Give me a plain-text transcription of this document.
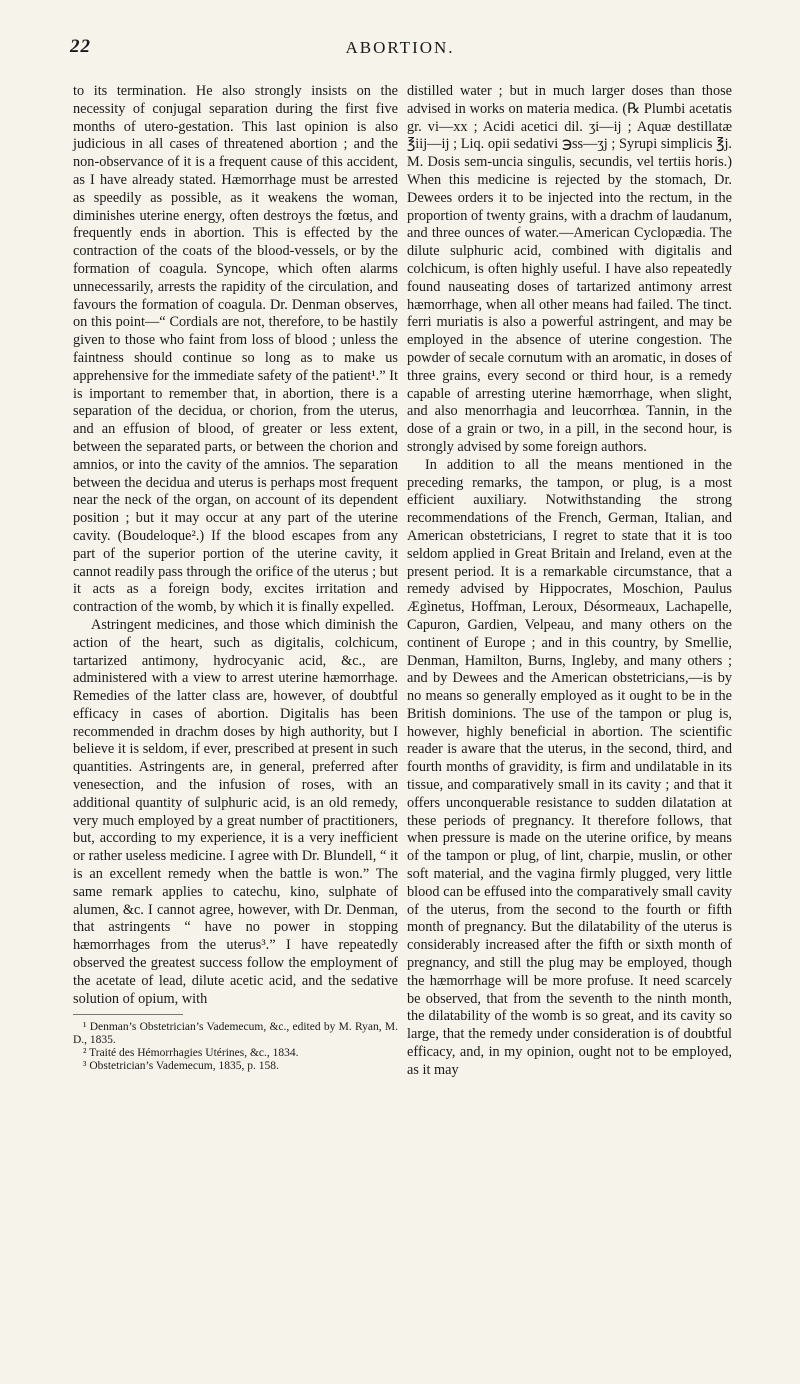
22	ABORTION.

to its termination. He also strongly insists on the necessity of conjugal separation during the first five months of utero-gestation. This last opinion is also judicious in all cases of threatened abortion ; and the non-observance of it is a frequent cause of this accident, as I have already stated. Hæmorrhage must be arrested as speedily as possible, as it weakens the woman, diminishes uterine energy, often destroys the fœtus, and frequently ends in abortion. This is effected by the contraction of the coats of the blood-vessels, or by the formation of coagula. Syncope, which often alarms unnecessarily, arrests the rapidity of the circulation, and favours the formation of coagula. Dr. Denman observes, on this point—“ Cordials are not, therefore, to be hastily given to those who faint from loss of blood ; unless the faintness should continue so long as to make us apprehensive for the immediate safety of the patient¹.” It is important to remember that, in abortion, there is a separation of the decidua, or chorion, from the uterus, and an effusion of blood, of greater or less extent, between the separated parts, or between the chorion and amnios, or into the cavity of the amnios. The separation between the decidua and uterus is perhaps most frequent near the neck of the organ, on account of its dependent position ; but it may occur at any part of the uterine cavity. (Boudeloque².) If the blood escapes from any part of the superior portion of the uterine cavity, it cannot readily pass through the orifice of the uterus ; but it acts as a foreign body, excites irritation and contraction of the womb, by which it is finally expelled.

Astringent medicines, and those which diminish the action of the heart, such as digitalis, colchicum, tartarized antimony, hydrocyanic acid, &c., are administered with a view to arrest uterine hæmorrhage. Remedies of the latter class are, however, of doubtful efficacy in cases of abortion. Digitalis has been recommended in drachm doses by high authority, but I believe it is seldom, if ever, prescribed at present in such quantities. Astringents are, in general, preferred after venesection, and the infusion of roses, with an additional quantity of sulphuric acid, is an old remedy, very much employed by a great number of practitioners, but, according to my experience, it is a very inefficient or rather useless medicine. I agree with Dr. Blundell, “ it is an excellent remedy when the battle is won.” The same remark applies to catechu, kino, sulphate of alumen, &c. I cannot agree, however, with Dr. Denman, that astringents “ have no power in stopping hæmorrhages from the uterus³.” I have repeatedly observed the greatest success follow the employment of the acetate of lead, dilute acetic acid, and the sedative solution of opium, with

¹ Denman’s Obstetrician’s Vademecum, &c., edited by M. Ryan, M. D., 1835.

² Traité des Hémorrhagies Utérines, &c., 1834.

³ Obstetrician’s Vademecum, 1835, p. 158.

distilled water ; but in much larger doses than those advised in works on materia medica. (℞ Plumbi acetatis gr. vi—xx ; Acidi acetici dil. ʒi—ij ; Aquæ destillatæ ℥iij—ij ; Liq. opii sedativi ℈ss—ʒj ; Syrupi simplicis ℥j. M. Dosis sem-uncia singulis, secundis, vel tertiis horis.) When this medicine is rejected by the stomach, Dr. Dewees orders it to be injected into the rectum, in the proportion of twenty grains, with a drachm of laudanum, and three ounces of water.—American Cyclopædia. The dilute sulphuric acid, combined with digitalis and colchicum, is often highly useful. I have also repeatedly found nauseating doses of tartarized antimony arrest hæmorrhage, when all other means had failed. The tinct. ferri muriatis is also a powerful astringent, and may be employed in the absence of uterine congestion. The powder of secale cornutum with an aromatic, in doses of three grains, every second or third hour, is a remedy capable of arresting uterine hæmorrhage, when slight, and also menorrhagia and leucorrhœa. Tannin, in the dose of a grain or two, in a pill, in the second hour, is strongly advised by some foreign authors.

In addition to all the means mentioned in the preceding remarks, the tampon, or plug, is a most efficient auxiliary. Notwithstanding the strong recommendations of the French, German, Italian, and American obstetricians, I regret to state that it is too seldom applied in Great Britain and Ireland, even at the present period. It is a remarkable circumstance, that a remedy advised by Hippocrates, Moschion, Paulus Ægìnetus, Hoffman, Leroux, Désormeaux, Lachapelle, Capuron, Gardien, Velpeau, and many others on the continent of Europe ; and in this country, by Smellie, Denman, Hamilton, Burns, Ingleby, and many others ; and by Dewees and the American obstetricians,—is by no means so generally employed as it ought to be in the British dominions. The use of the tampon or plug is, however, highly beneficial in abortion. The scientific reader is aware that the uterus, in the second, third, and fourth months of gravidity, is firm and undilatable in its tissue, and comparatively small in its cavity ; and that it offers unconquerable resistance to sudden dilatation at these periods of pregnancy. It therefore follows, that when pressure is made on the uterine orifice, by means of the tampon or plug, of lint, charpie, muslin, or other soft material, and the vagina firmly plugged, very little blood can be effused into the comparatively small cavity of the uterus, from the second to the fourth or fifth month of pregnancy. But the dilatability of the uterus is considerably increased after the fifth or sixth month of pregnancy, and still the plug may be employed, though the hæmorrhage will be more profuse. It need scarcely be observed, that from the seventh to the ninth month, the dilatability of the womb is so great, and its cavity so large, that the remedy under consideration is of doubtful efficacy, and, in my opinion, ought not to be employed, as it may
